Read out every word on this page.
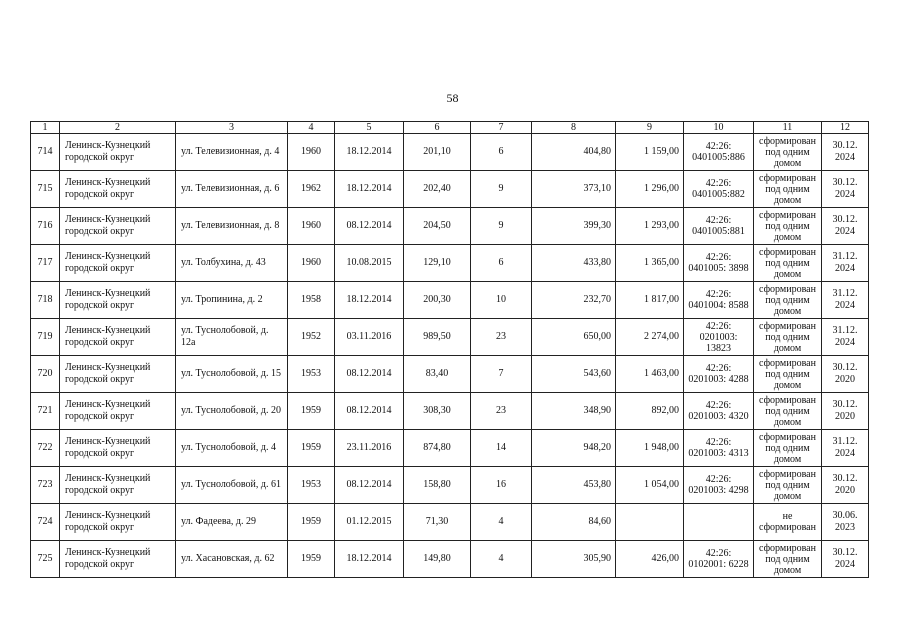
58
1	2	3	4	5	6	7	8	9	10	11	12
714	Ленинск-Кузнецкий городской округ	ул. Телевизионная, д. 4	1960	18.12.2014	201,10	6	404,80	1 159,00	42:26: 0401005:886	сформирован под одним домом	30.12. 2024
715	Ленинск-Кузнецкий городской округ	ул. Телевизионная, д. 6	1962	18.12.2014	202,40	9	373,10	1 296,00	42:26: 0401005:882	сформирован под одним домом	30.12. 2024
716	Ленинск-Кузнецкий городской округ	ул. Телевизионная, д. 8	1960	08.12.2014	204,50	9	399,30	1 293,00	42:26: 0401005:881	сформирован под одним домом	30.12. 2024
717	Ленинск-Кузнецкий городской округ	ул. Толбухина, д. 43	1960	10.08.2015	129,10	6	433,80	1 365,00	42:26: 0401005: 3898	сформирован под одним домом	31.12. 2024
718	Ленинск-Кузнецкий городской округ	ул. Тропинина, д. 2	1958	18.12.2014	200,30	10	232,70	1 817,00	42:26: 0401004: 8588	сформирован под одним домом	31.12. 2024
719	Ленинск-Кузнецкий городской округ	ул. Туснолобовой, д. 12а	1952	03.11.2016	989,50	23	650,00	2 274,00	42:26: 0201003: 13823	сформирован под одним домом	31.12. 2024
720	Ленинск-Кузнецкий городской округ	ул. Туснолобовой, д. 15	1953	08.12.2014	83,40	7	543,60	1 463,00	42:26: 0201003: 4288	сформирован под одним домом	30.12. 2020
721	Ленинск-Кузнецкий городской округ	ул. Туснолобовой, д. 20	1959	08.12.2014	308,30	23	348,90	892,00	42:26: 0201003: 4320	сформирован под одним домом	30.12. 2020
722	Ленинск-Кузнецкий городской округ	ул. Туснолобовой, д. 4	1959	23.11.2016	874,80	14	948,20	1 948,00	42:26: 0201003: 4313	сформирован под одним домом	31.12. 2024
723	Ленинск-Кузнецкий городской округ	ул. Туснолобовой, д. 61	1953	08.12.2014	158,80	16	453,80	1 054,00	42:26: 0201003: 4298	сформирован под одним домом	30.12. 2020
724	Ленинск-Кузнецкий городской округ	ул. Фадеева, д. 29	1959	01.12.2015	71,30	4	84,60			не сформирован	30.06. 2023
725	Ленинск-Кузнецкий городской округ	ул. Хасановская, д. 62	1959	18.12.2014	149,80	4	305,90	426,00	42:26: 0102001: 6228	сформирован под одним домом	30.12. 2024
